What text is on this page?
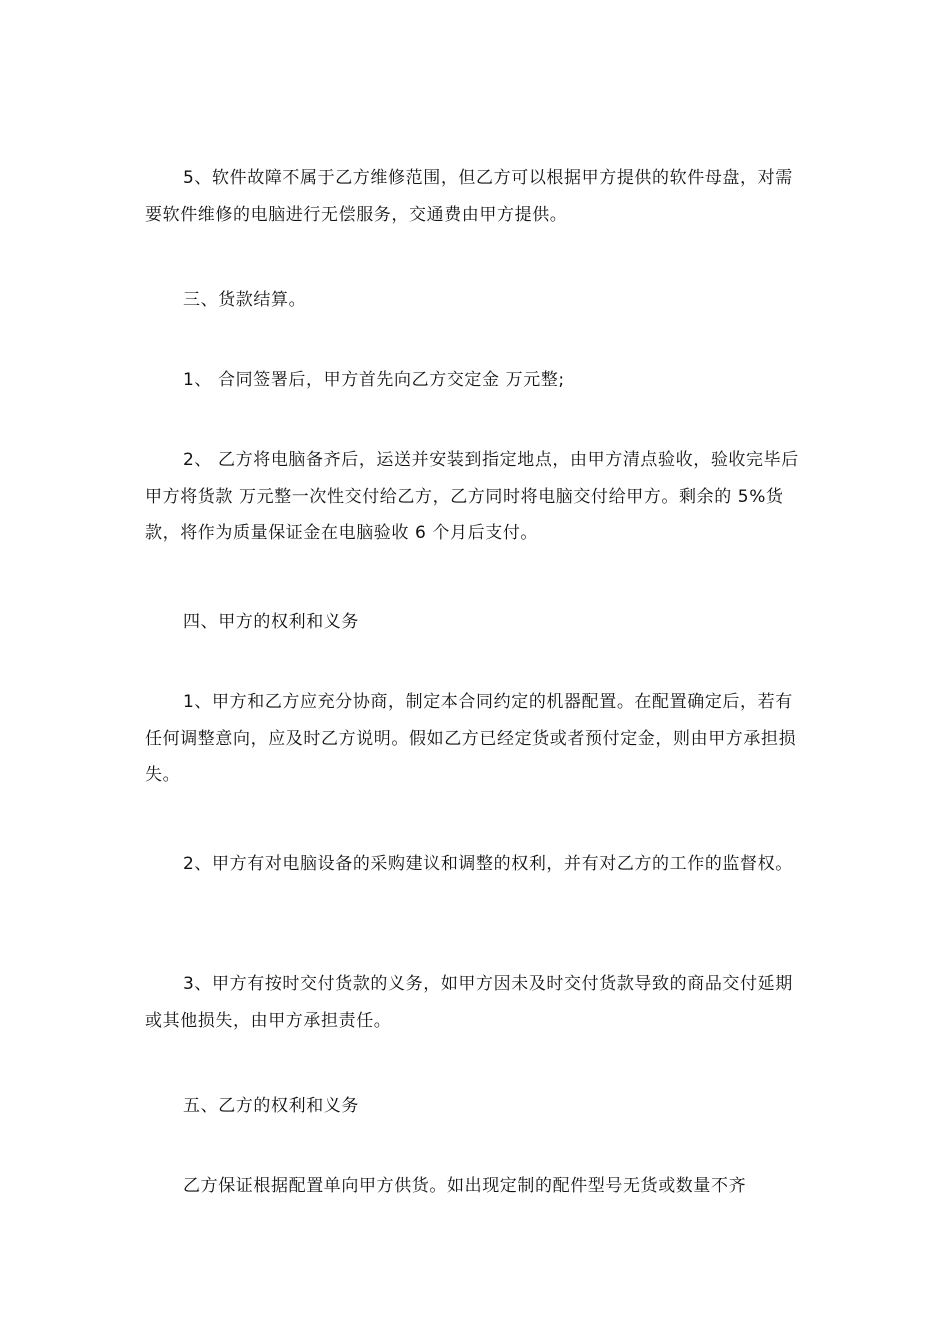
5、软件故障不属于乙方维修范围，但乙方可以根据甲方提供的软件母盘，对需要软件维修的电脑进行无偿服务，交通费由甲方提供。

三、货款结算。

1、 合同签署后，甲方首先向乙方交定金 万元整;

2、 乙方将电脑备齐后，运送并安装到指定地点，由甲方清点验收，验收完毕后甲方将货款 万元整一次性交付给乙方，乙方同时将电脑交付给甲方。剩余的 5%货款，将作为质量保证金在电脑验收 6 个月后支付。

四、甲方的权利和义务

1、甲方和乙方应充分协商，制定本合同约定的机器配置。在配置确定后，若有任何调整意向，应及时乙方说明。假如乙方已经定货或者预付定金，则由甲方承担损失。

2、甲方有对电脑设备的采购建议和调整的权利，并有对乙方的工作的监督权。

3、甲方有按时交付货款的义务，如甲方因未及时交付货款导致的商品交付延期或其他损失，由甲方承担责任。

五、乙方的权利和义务

乙方保证根据配置单向甲方供货。如出现定制的配件型号无货或数量不齐
